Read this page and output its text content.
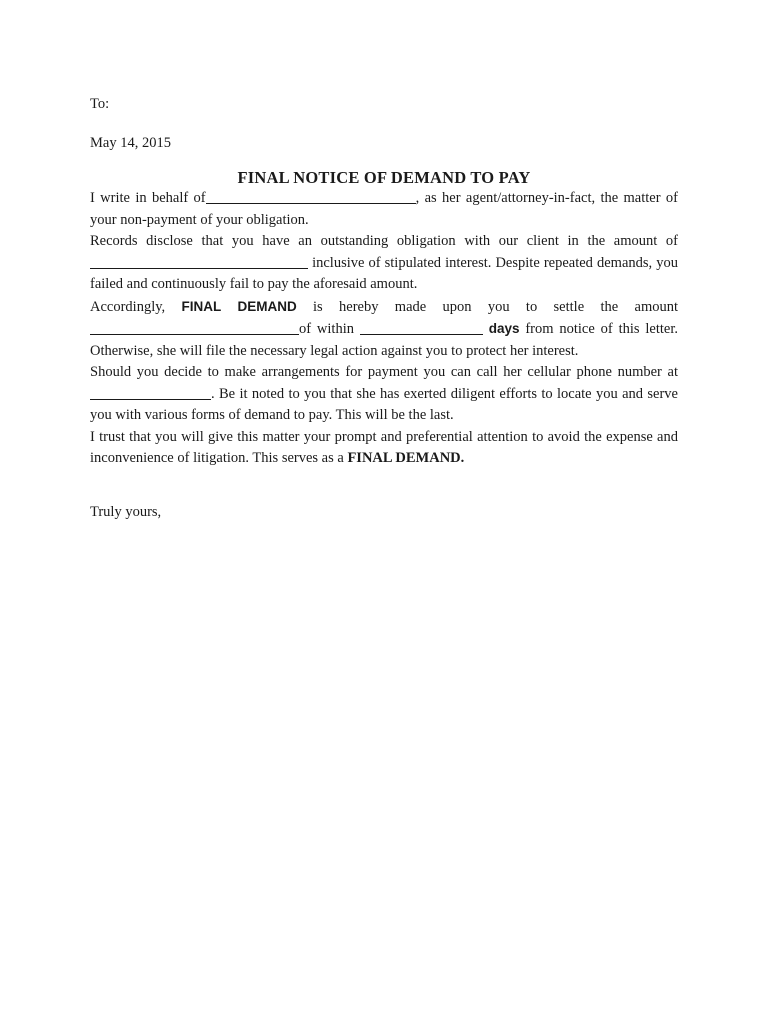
To:
May 14, 2015
FINAL NOTICE OF DEMAND TO PAY

I write in behalf of	, as her agent/attorney-in-fact, the matter of your non-payment of your obligation.

Records disclose that you have an outstanding obligation with our client in the amount of  inclusive of stipulated interest. Despite repeated demands, you failed and continuously fail to pay the aforesaid amount.

Accordingly, FINAL DEMAND is hereby made upon you to settle the amount of within	days from notice of this letter. Otherwise, she will file the necessary legal action against you to protect her interest.

Should you decide to make arrangements for payment you can call her cellular phone number at . Be it noted to you that she has exerted diligent efforts to locate you and serve you with various forms of demand to pay. This will be the last.

I trust that you will give this matter your prompt and preferential attention to avoid the expense and inconvenience of litigation. This serves as a FINAL DEMAND.

Truly yours,
